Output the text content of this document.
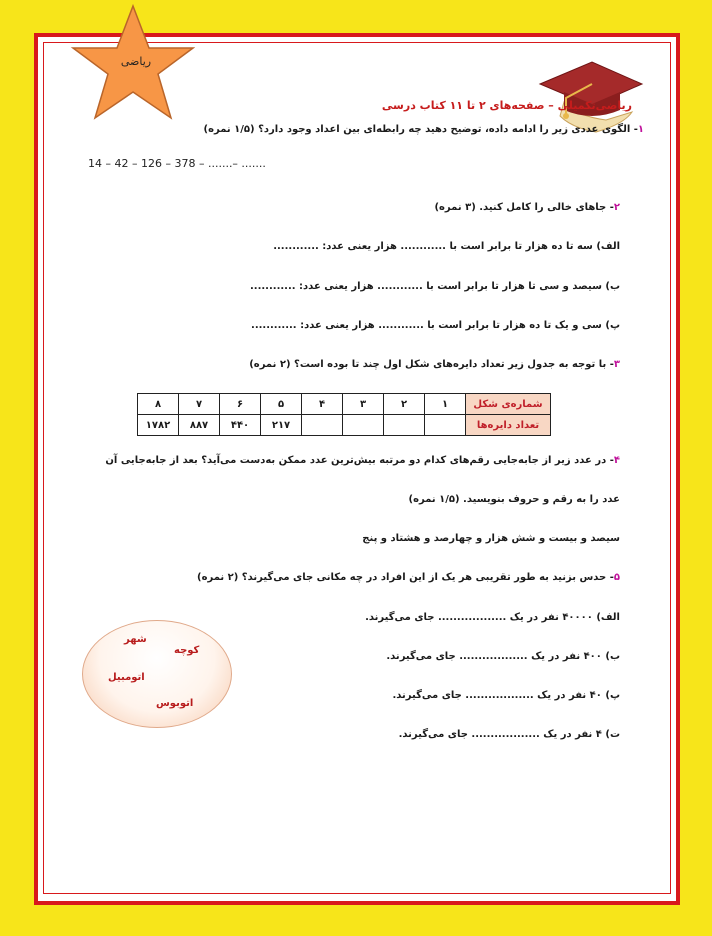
ریاضی
ریاضی‌تکمیلی – صفحه‌های ۲ تا ۱۱ کتاب درسی
۱- الگوی عددی زیر را ادامه داده، توضیح دهید چه رابطه‌ای بین اعداد وجود دارد؟ (۱/۵ نمره)
14 – 42 – 126 – 378 – .......– .......
۲- جاهای خالی را کامل کنید. (۳ نمره)
الف) سه تا ده هزار تا برابر است با ............ هزار یعنی عدد: ............
ب) سیصد و سی تا هزار تا برابر است با ............ هزار یعنی عدد: ............
پ) سی و یک تا ده هزار تا برابر است با ............ هزار یعنی عدد: ............
۳- با توجه به جدول زیر تعداد دایره‌های شکل اول چند تا بوده است؟ (۲ نمره)
شماره‌ی شکل	۱	۲	۳	۴	۵	۶	۷	۸
تعداد دایره‌ها					۲۱۷	۴۴۰	۸۸۷	۱۷۸۲
۴- در عدد زیر از جابه‌جایی رقم‌های کدام دو مرتبه بیش‌ترین عدد ممکن به‌دست می‌آید؟ بعد از جابه‌جایی آن
عدد را به رقم و حروف بنویسید. (۱/۵ نمره)
سیصد و بیست و شش هزار و چهارصد و هشتاد و پنج
۵- حدس بزنید به طور تقریبی هر یک از این افراد در چه مکانی جای می‌گیرند؟ (۲ نمره)
الف) ۴۰۰۰۰ نفر در یک .................. جای می‌گیرند.
ب) ۴۰۰ نفر در یک .................. جای می‌گیرند.
پ) ۴۰ نفر در یک .................. جای می‌گیرند.
ت) ۴ نفر در یک .................. جای می‌گیرند.
شهر
کوچه
اتومبیل
اتوبوس
